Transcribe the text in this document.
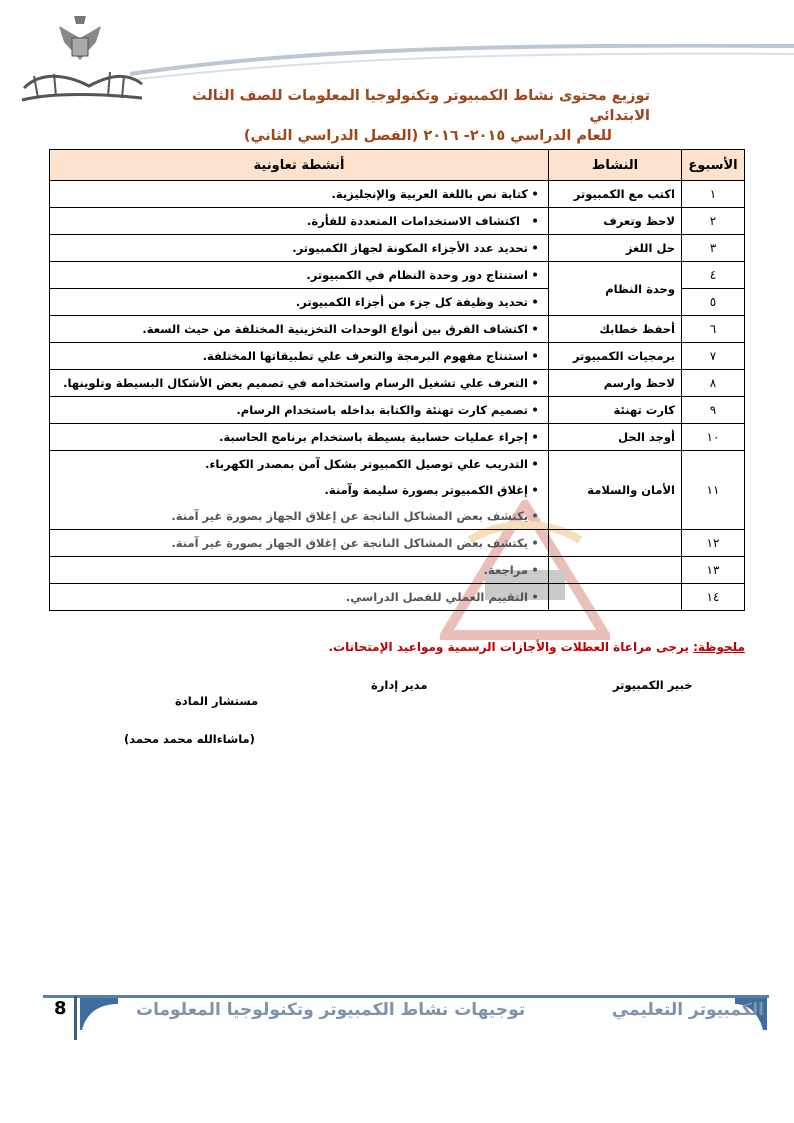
توزيع محتوى نشاط الكمبيوتر وتكنولوجيا المعلومات للصف الثالث الابتدائي
للعام الدراسي ٢٠١٥- ٢٠١٦ (الفصل الدراسي الثاني)
الأسبوع	النشاط	أنشطة تعاونية
١	اكتب مع الكمبيوتر	•كتابة نص باللغة العربية والإنجليزية.

٢	لاحظ وتعرف	•  اكتشاف الاستخدامات المتعددة للفأرة.

٣	حل اللغز	•تحديد عدد الأجزاء المكونة لجهاز الكمبيوتر.

٤	وحدة النظام	•استنتاج دور وحدة النظام في الكمبيوتر.

٥		•تحديد وظيفة كل جزء من أجزاء الكمبيوتر.

٦	أحفظ خطابك	•اكتشاف الفرق بين أنواع الوحدات التخزينية المختلفة من حيث السعة.

٧	برمجيات الكمبيوتر	•استنتاج مفهوم البرمجة والتعرف علي تطبيقاتها المختلفة.

٨	لاحظ وارسم	•التعرف علي تشغيل الرسام واستخدامه في تصميم بعض الأشكال البسيطة وتلوينها.

٩	كارت تهنئة	•تصميم كارت تهنئة والكتابة بداخله باستخدام الرسام.

١٠	أوجد الحل	•إجراء عمليات حسابية بسيطة باستخدام برنامج الحاسبة.

١١	الأمان والسلامة	•التدريب علي توصيل الكمبيوتر بشكل آمن بمصدر الكهرباء.
•إغلاق الكمبيوتر بصورة سليمة وآمنة.
•يكتشف بعض المشاكل الناتجة عن إغلاق الجهاز بصورة غير آمنة.

١٢		•يكتشف بعض المشاكل الناتجة عن إغلاق الجهاز بصورة غير آمنة.

١٣		•مراجعة.

١٤		•التقييم العملي للفصل الدراسي.
ملحوظة: يرجى مراعاة العطلات والأجازات الرسمية ومواعيد الإمتحانات.
خبير الكمبيوتر
مدير إدارة
مستشار المادة
(ماشاءالله محمد محمد)
8	توجيهات نشاط الكمبيوتر وتكنولوجيا المعلومات	الكمبيوتر التعليمي
